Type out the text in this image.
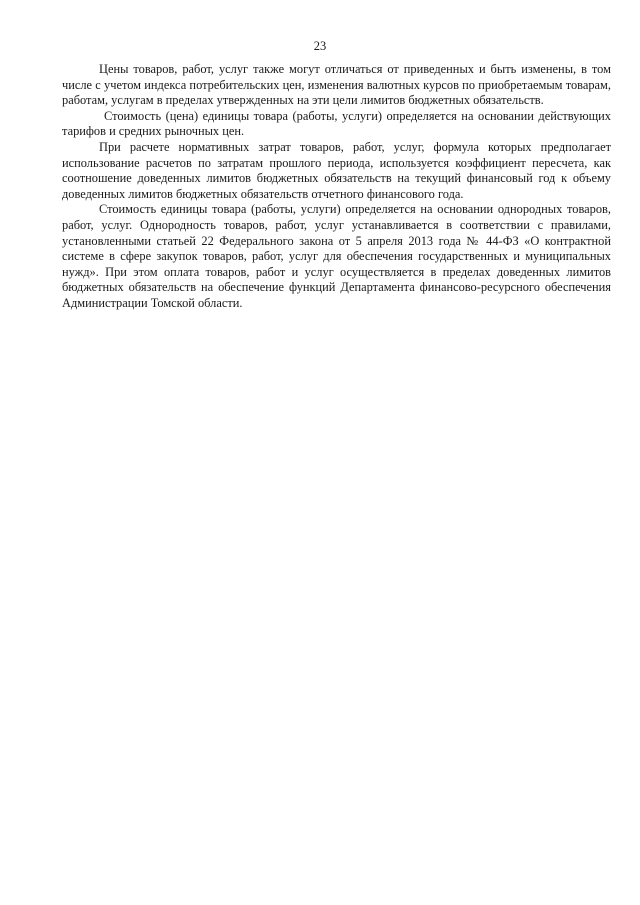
23

Цены товаров, работ, услуг также могут отличаться от приведенных и быть изменены, в том числе с учетом индекса потребительских цен, изменения валютных курсов по приобретаемым товарам, работам, услугам в пределах утвержденных на эти цели лимитов бюджетных обязательств.

Стоимость (цена) единицы товара (работы, услуги) определяется на основании действующих тарифов и средних рыночных цен.

При расчете нормативных затрат товаров, работ, услуг, формула которых предполагает использование расчетов по затратам прошлого периода, используется коэффициент пересчета, как соотношение доведенных лимитов бюджетных обязательств на текущий финансовый год к объему доведенных лимитов бюджетных обязательств отчетного финансового года.

Стоимость единицы товара (работы, услуги) определяется на основании однородных товаров, работ, услуг. Однородность товаров, работ, услуг устанавливается в соответствии с правилами, установленными статьей 22 Федерального закона от 5 апреля 2013 года № 44-ФЗ «О контрактной системе в сфере закупок товаров, работ, услуг для обеспечения государственных и муниципальных нужд». При этом оплата товаров, работ и услуг осуществляется в пределах доведенных лимитов бюджетных обязательств на обеспечение функций Департамента финансово-ресурсного обеспечения Администрации Томской области.
